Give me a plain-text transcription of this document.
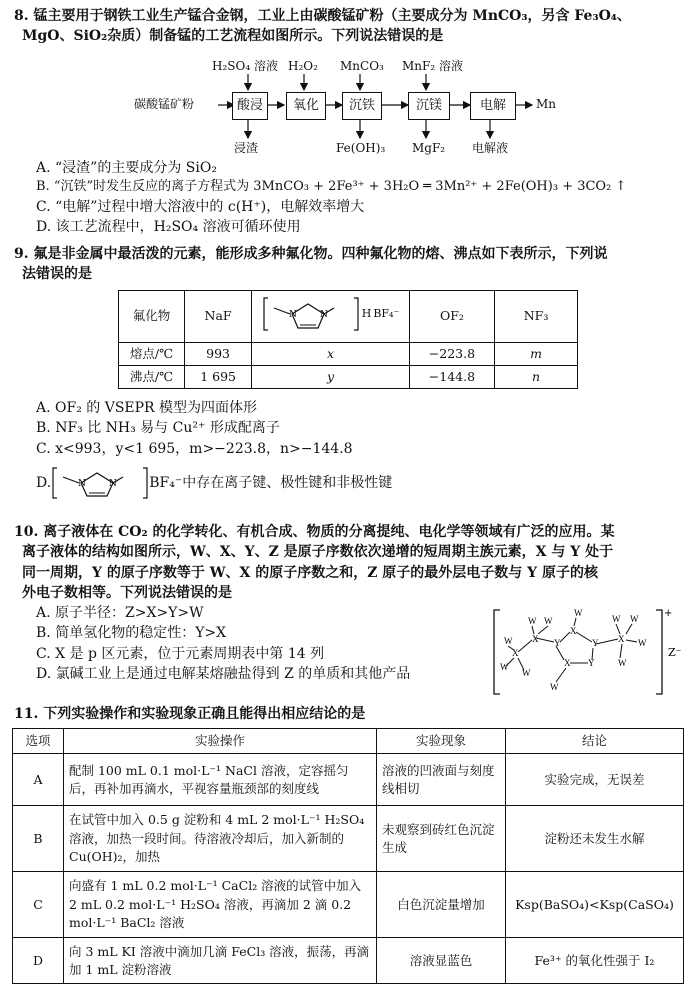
8. 锰主要用于钢铁工业生产锰合金钢，工业上由碳酸锰矿粉（主要成分为 MnCO₃，另含 Fe₃O₄、
MgO、SiO₂杂质）制备锰的工艺流程如图所示。下列说法错误的是
碳酸锰矿粉	酸浸	氧化	沉铁	沉镁	电解	Mn
H₂SO₄ 溶液 H₂O₂ MnCO₃ MnF₂ 溶液
浸渣	Fe(OH)₃ MgF₂ 电解液
A. “浸渣”的主要成分为 SiO₂
B. “沉铁”时发生反应的离子方程式为 3MnCO₃ + 2Fe³⁺ + 3H₂O ═ 3Mn²⁺ + 2Fe(OH)₃ + 3CO₂ ↑
C. “电解”过程中增大溶液中的 c(H⁺)，电解效率增大
D. 该工艺流程中，H₂SO₄ 溶液可循环使用
9. 氟是非金属中最活泼的元素，能形成多种氟化物。四种氟化物的熔、沸点如下表所示，下列说
法错误的是
氟化物	NaF	N N H BF₄⁻	OF₂	NF₃
熔点/℃	993	x	−223.8	m
沸点/℃	1 695	y	−144.8	n
A. OF₂ 的 VSEPR 模型为四面体形
B. NF₃ 比 NH₃ 易与 Cu²⁺ 形成配离子
C. x<993，y<1 695，m>−223.8，n>−144.8
D.	N	N BF₄⁻中存在离子键、极性键和非极性键
10. 离子液体在 CO₂ 的化学转化、有机合成、物质的分离提纯、电化学等领域有广泛的应用。某
离子液体的结构如图所示，W、X、Y、Z 是原子序数依次递增的短周期主族元素，X 与 Y 处于
同一周期，Y 的原子序数等于 W、X 的原子序数之和，Z 原子的最外层电子数与 Y 原子的核
外电子数相等。下列说法错误的是
A. 原子半径：Z>X>Y>W
B. 简单氢化物的稳定性：Y>X
C. X 是 p 区元素，位于元素周期表中第 14 列
D. 氯碱工业上是通过电解某熔融盐得到 Z 的单质和其他产品
+
Z⁻
X
X
Y
Y
X Y
X
X
W W
W
W
W
W
W W
W
W
W
11. 下列实验操作和实验现象正确且能得出相应结论的是
选项	实验操作	实验现象	结论
A	配制 100 mL 0.1 mol·L⁻¹ NaCl 溶液，定容摇匀后，再补加再滴水，平视容量瓶颈部的刻度线	溶液的凹液面与刻度线相切	实验完成，无误差
B	在试管中加入 0.5 g 淀粉和 4 mL 2 mol·L⁻¹ H₂SO₄ 溶液，加热一段时间。待溶液冷却后，加入新制的 Cu(OH)₂，加热	未观察到砖红色沉淀生成	淀粉还未发生水解
C	向盛有 1 mL 0.2 mol·L⁻¹ CaCl₂ 溶液的试管中加入 2 mL 0.2 mol·L⁻¹ H₂SO₄ 溶液，再滴加 2 滴 0.2 mol·L⁻¹ BaCl₂ 溶液	白色沉淀量增加	Ksp(BaSO₄)<Ksp(CaSO₄)
D	向 3 mL KI 溶液中滴加几滴 FeCl₃ 溶液，振荡，再滴加 1 mL 淀粉溶液	溶液显蓝色	Fe³⁺ 的氧化性强于 I₂
